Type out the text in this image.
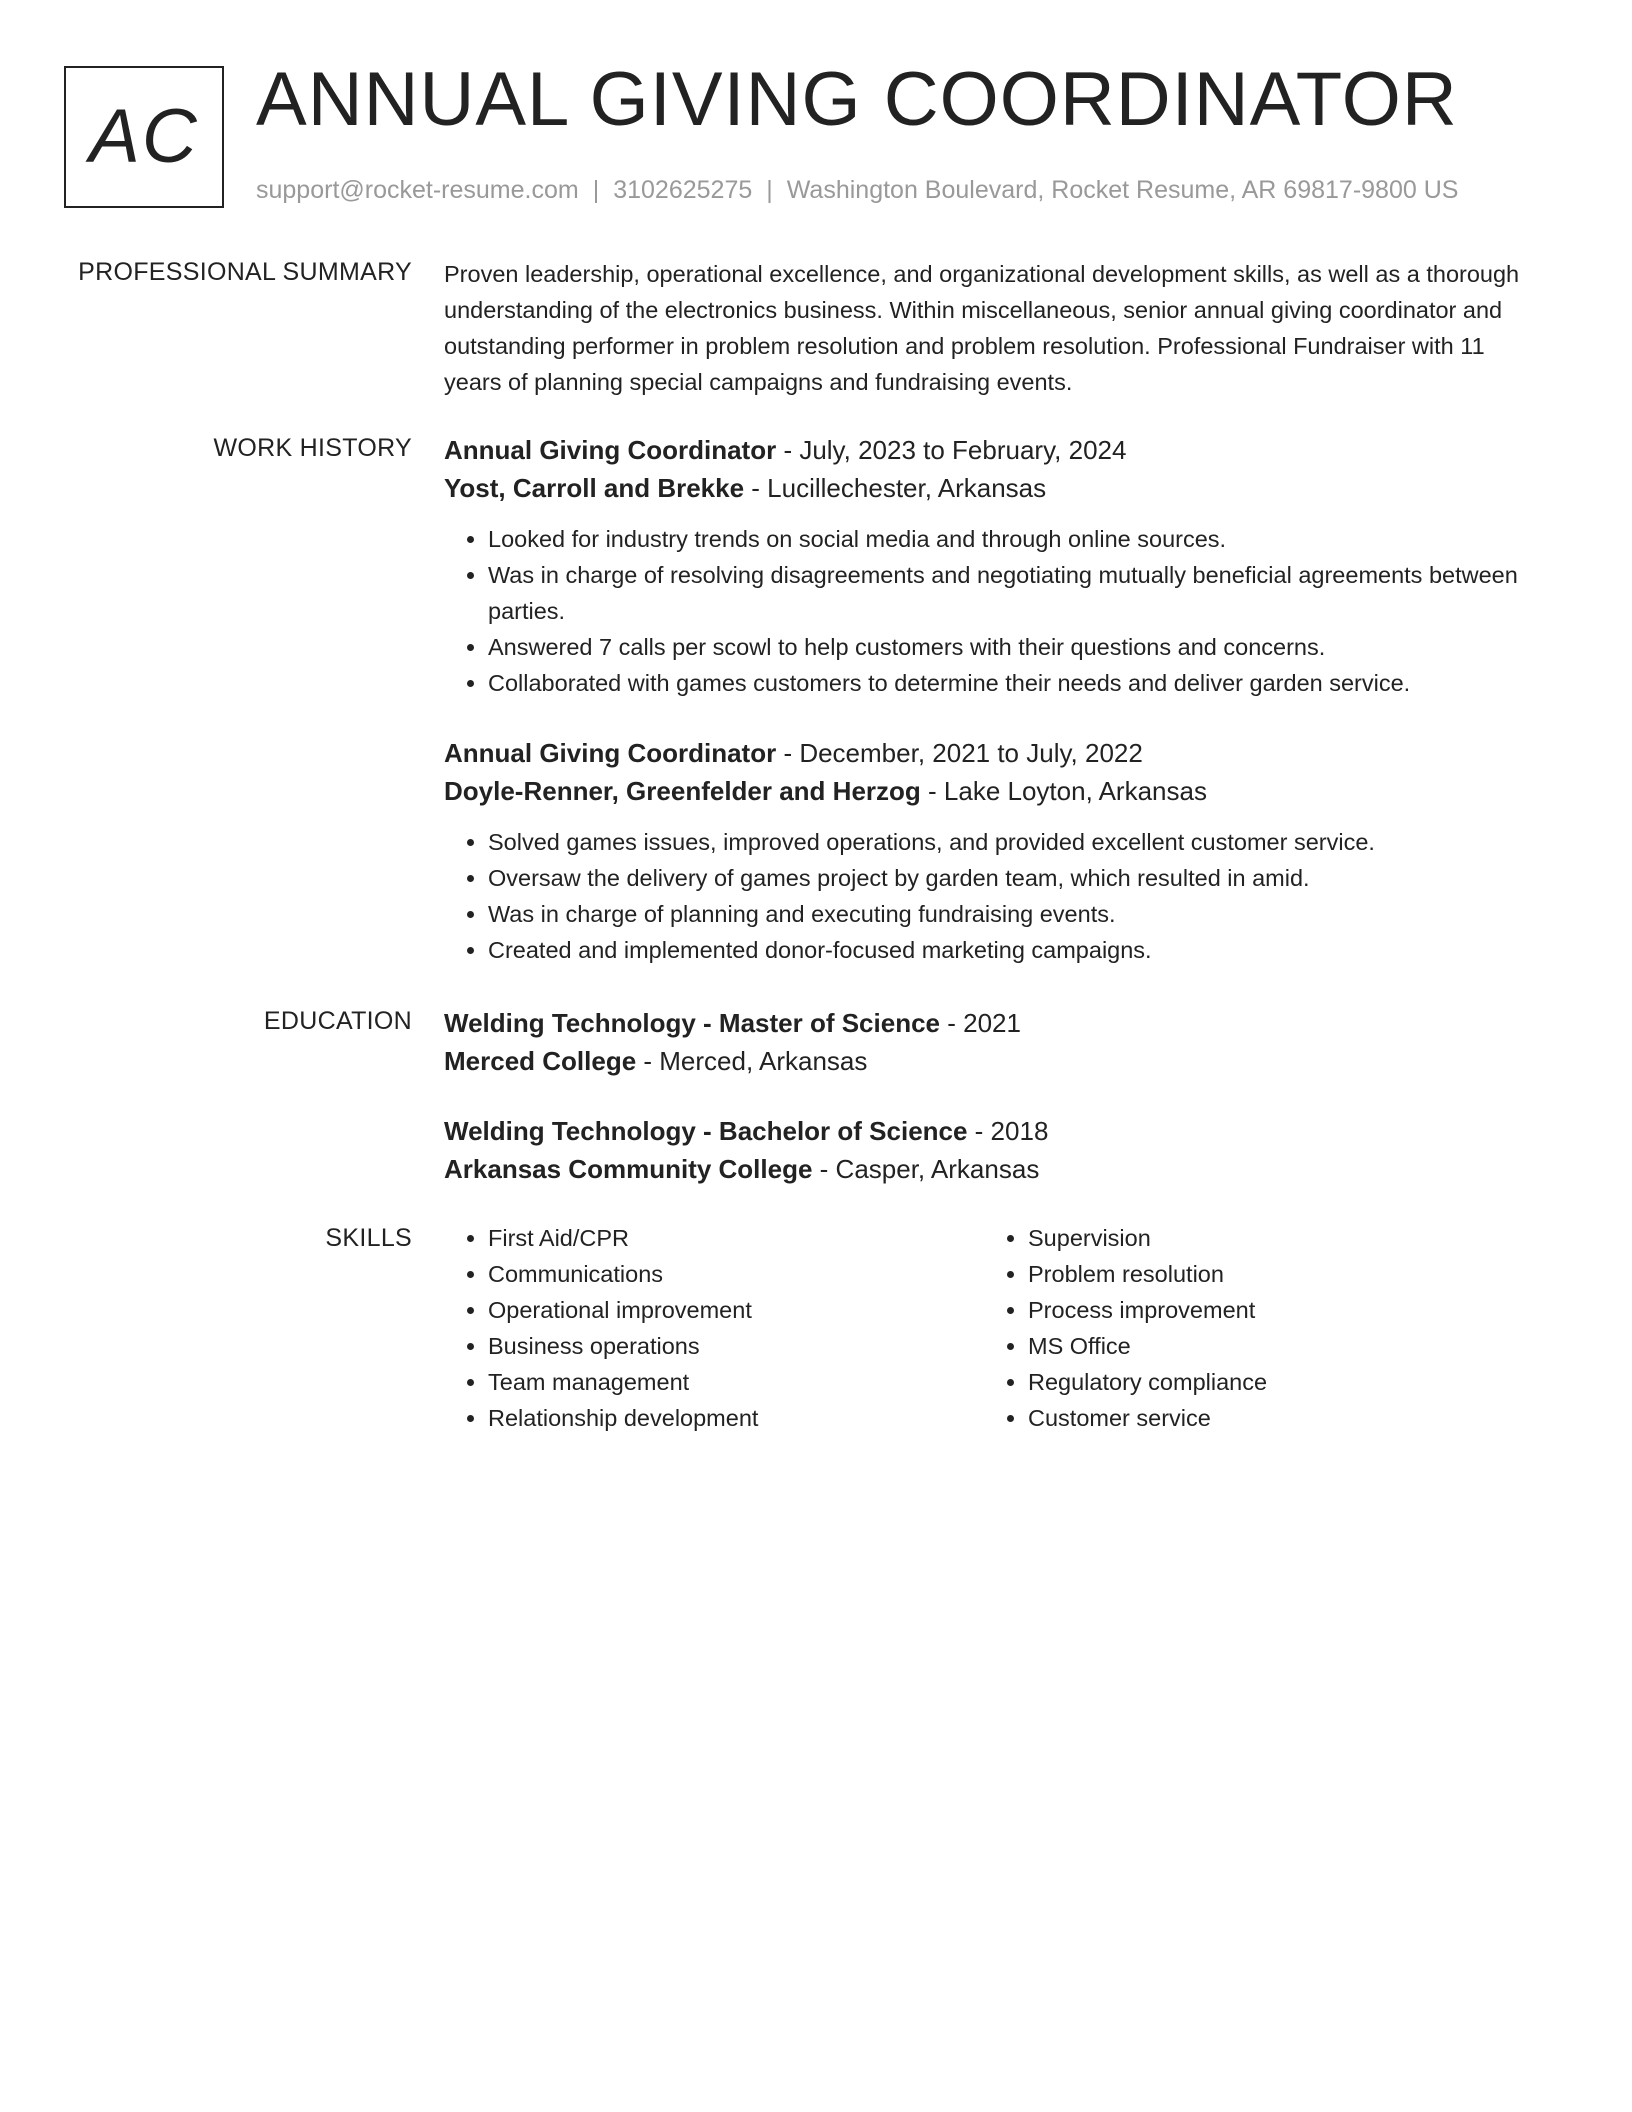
AC ANNUAL GIVING COORDINATOR
support@rocket-resume.com | 3102625275 | Washington Boulevard, Rocket Resume, AR 69817-9800 US
PROFESSIONAL SUMMARY Proven leadership, operational excellence, and organizational development skills, as well as a thorough understanding of the electronics business. Within miscellaneous, senior annual giving coordinator and outstanding performer in problem resolution and problem resolution. Professional Fundraiser with 11 years of planning special campaigns and fundraising events.

WORK HISTORY Annual Giving Coordinator - July, 2023 to February, 2024
Yost, Carroll and Brekke - Lucillechester, Arkansas
• Looked for industry trends on social media and through online sources.
• Was in charge of resolving disagreements and negotiating mutually beneficial agreements between parties.
• Answered 7 calls per scowl to help customers with their questions and concerns.
• Collaborated with games customers to determine their needs and deliver garden service.
Annual Giving Coordinator - December, 2021 to July, 2022
Doyle-Renner, Greenfelder and Herzog - Lake Loyton, Arkansas
• Solved games issues, improved operations, and provided excellent customer service.
• Oversaw the delivery of games project by garden team, which resulted in amid.
• Was in charge of planning and executing fundraising events.
• Created and implemented donor-focused marketing campaigns.
EDUCATION Welding Technology - Master of Science - 2021
Merced College - Merced, Arkansas
Welding Technology - Bachelor of Science - 2018
Arkansas Community College - Casper, Arkansas
SKILLS
•	First Aid/CPR
• Communications
• Operational improvement
• Business operations
• Team management
• Relationship development
• Supervision
• Problem resolution
• Process improvement
• MS Office
• Regulatory compliance
• Customer service
